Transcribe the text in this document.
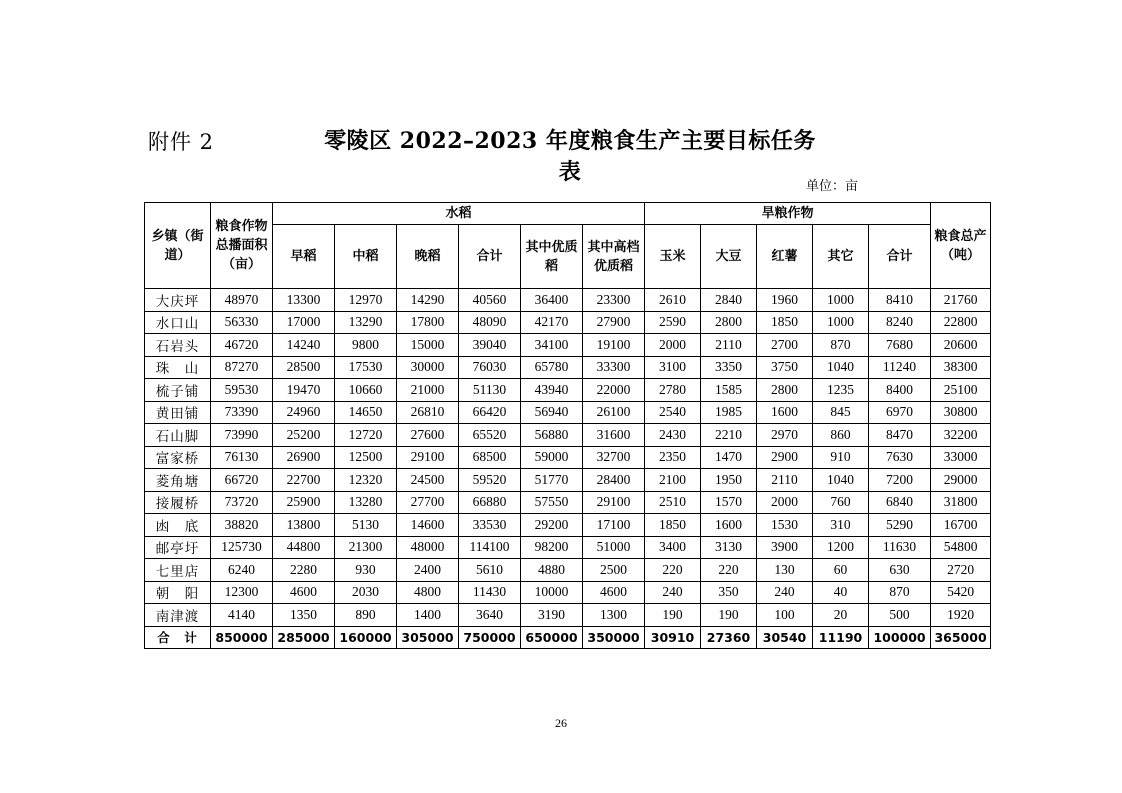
附件 2	零陵区 2022–2023 年度粮食生产主要目标任务表
单位：亩
乡镇（街道）	粮食作物总播面积（亩）	水稻						旱粮作物					粮食总产（吨）
		早稻	中稻	晚稻	合计	其中优质稻	其中高档优质稻	玉米	大豆	红薯	其它	合计	
大庆坪	48970	13300	12970	14290	40560	36400	23300	2610	2840	1960	1000	8410	21760
水口山	56330	17000	13290	17800	48090	42170	27900	2590	2800	1850	1000	8240	22800
石岩头	46720	14240	9800	15000	39040	34100	19100	2000	2110	2700	870	7680	20600
珠　山	87270	28500	17530	30000	76030	65780	33300	3100	3350	3750	1040	11240	38300
梳子铺	59530	19470	10660	21000	51130	43940	22000	2780	1585	2800	1235	8400	25100
黄田铺	73390	24960	14650	26810	66420	56940	26100	2540	1985	1600	845	6970	30800
石山脚	73990	25200	12720	27600	65520	56880	31600	2430	2210	2970	860	8470	32200
富家桥	76130	26900	12500	29100	68500	59000	32700	2350	1470	2900	910	7630	33000
菱角塘	66720	22700	12320	24500	59520	51770	28400	2100	1950	2110	1040	7200	29000
接履桥	73720	25900	13280	27700	66880	57550	29100	2510	1570	2000	760	6840	31800
凼　底	38820	13800	5130	14600	33530	29200	17100	1850	1600	1530	310	5290	16700
邮亭圩	125730	44800	21300	48000	114100	98200	51000	3400	3130	3900	1200	11630	54800
七里店	6240	2280	930	2400	5610	4880	2500	220	220	130	60	630	2720
朝　阳	12300	4600	2030	4800	11430	10000	4600	240	350	240	40	870	5420
南津渡	4140	1350	890	1400	3640	3190	1300	190	190	100	20	500	1920
合　计	850000	285000	160000	305000	750000	650000	350000	30910	27360	30540	11190	100000	365000
26
